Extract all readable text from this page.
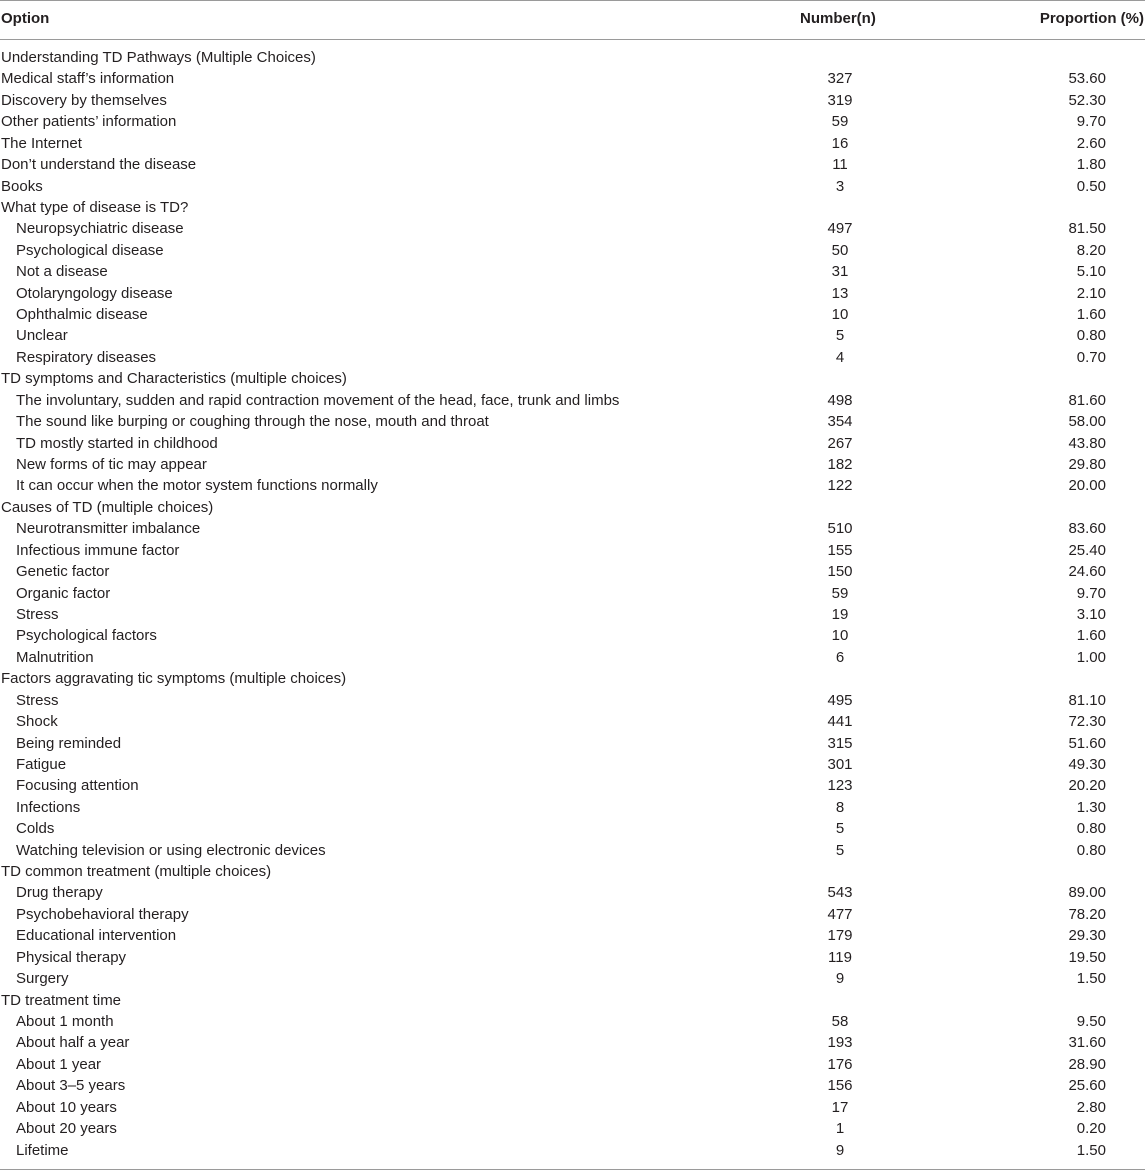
Option	Number(n)	Proportion (%)
Understanding TD Pathways (Multiple Choices)
Medical staff’s information	327	53.60
Discovery by themselves	319	52.30
Other patients’ information	59	9.70
The Internet	16	2.60
Don’t understand the disease	11	1.80
Books	3	0.50
What type of disease is TD?
Neuropsychiatric disease	497	81.50
Psychological disease	50	8.20
Not a disease	31	5.10
Otolaryngology disease	13	2.10
Ophthalmic disease	10	1.60
Unclear	5	0.80
Respiratory diseases	4	0.70
TD symptoms and Characteristics (multiple choices)
The involuntary, sudden and rapid contraction movement of the head, face, trunk and limbs	498	81.60
The sound like burping or coughing through the nose, mouth and throat	354	58.00
TD mostly started in childhood	267	43.80
New forms of tic may appear	182	29.80
It can occur when the motor system functions normally	122	20.00
Causes of TD (multiple choices)
Neurotransmitter imbalance	510	83.60
Infectious immune factor	155	25.40
Genetic factor	150	24.60
Organic factor	59	9.70
Stress	19	3.10
Psychological factors	10	1.60
Malnutrition	6	1.00
Factors aggravating tic symptoms (multiple choices)
Stress	495	81.10
Shock	441	72.30
Being reminded	315	51.60
Fatigue	301	49.30
Focusing attention	123	20.20
Infections	8	1.30
Colds	5	0.80
Watching television or using electronic devices	5	0.80
TD common treatment (multiple choices)
Drug therapy	543	89.00
Psychobehavioral therapy	477	78.20
Educational intervention	179	29.30
Physical therapy	119	19.50
Surgery	9	1.50
TD treatment time
About 1 month	58	9.50
About half a year	193	31.60
About 1 year	176	28.90
About 3–5 years	156	25.60
About 10 years	17	2.80
About 20 years	1	0.20
Lifetime	9	1.50
